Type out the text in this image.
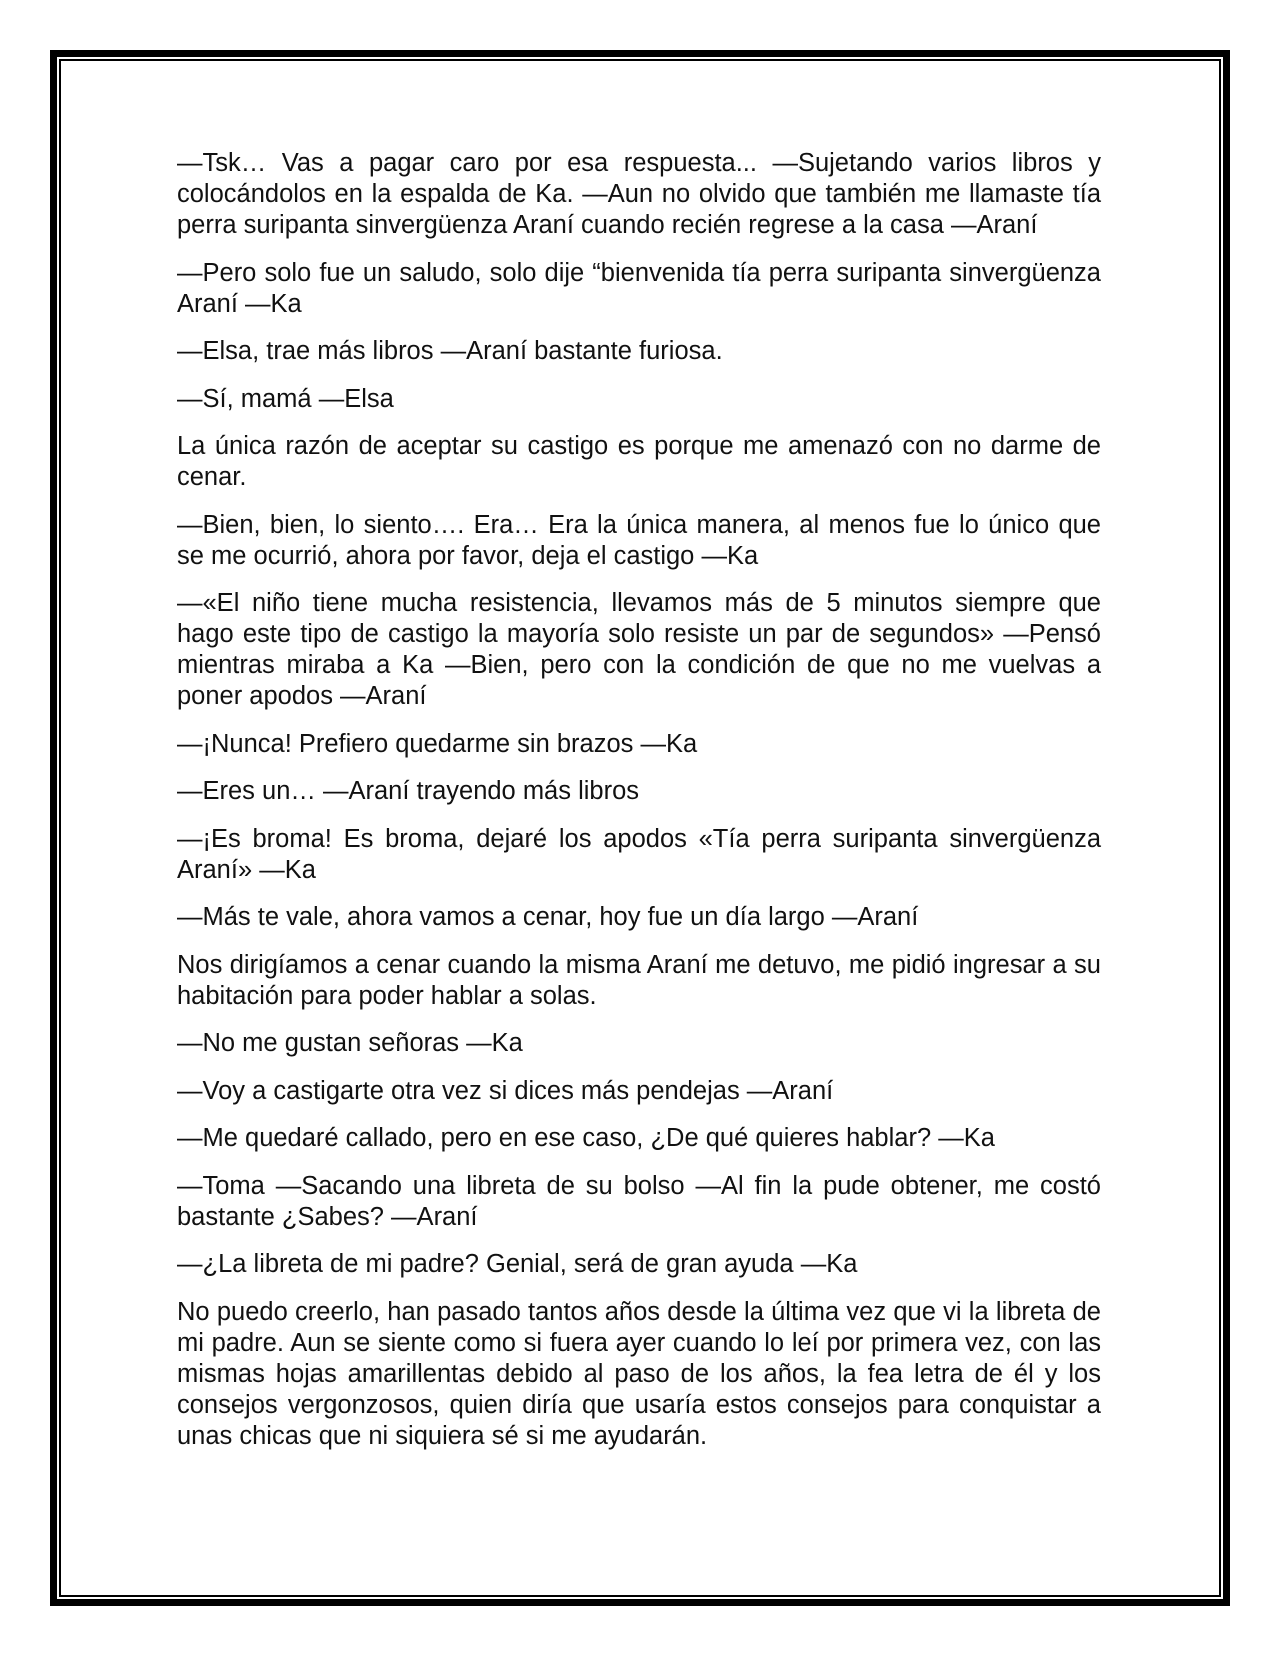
—Tsk… Vas a pagar caro por esa respuesta... —Sujetando varios libros y colocándolos en la espalda de Ka. —Aun no olvido que también me llamaste tía perra suripanta sinvergüenza Araní cuando recién regrese a la casa —Araní

—Pero solo fue un saludo, solo dije “bienvenida tía perra suripanta sinvergüenza Araní —Ka

—Elsa, trae más libros —Araní bastante furiosa.

—Sí, mamá —Elsa

La única razón de aceptar su castigo es porque me amenazó con no darme de cenar.

—Bien, bien, lo siento…. Era… Era la única manera, al menos fue lo único que se me ocurrió, ahora por favor, deja el castigo —Ka

—«El niño tiene mucha resistencia, llevamos más de 5 minutos siempre que hago este tipo de castigo la mayoría solo resiste un par de segundos» —Pensó mientras miraba a Ka —Bien, pero con la condición de que no me vuelvas a poner apodos —Araní

—¡Nunca! Prefiero quedarme sin brazos —Ka

—Eres un… —Araní trayendo más libros

—¡Es broma! Es broma, dejaré los apodos «Tía perra suripanta sinvergüenza Araní» —Ka

—Más te vale, ahora vamos a cenar, hoy fue un día largo —Araní

Nos dirigíamos a cenar cuando la misma Araní me detuvo, me pidió ingresar a su habitación para poder hablar a solas.

—No me gustan señoras —Ka

—Voy a castigarte otra vez si dices más pendejas —Araní

—Me quedaré callado, pero en ese caso, ¿De qué quieres hablar? —Ka

—Toma —Sacando una libreta de su bolso —Al fin la pude obtener, me costó bastante ¿Sabes? —Araní

—¿La libreta de mi padre? Genial, será de gran ayuda —Ka

No puedo creerlo, han pasado tantos años desde la última vez que vi la libreta de mi padre. Aun se siente como si fuera ayer cuando lo leí por primera vez, con las mismas hojas amarillentas debido al paso de los años, la fea letra de él y los consejos vergonzosos, quien diría que usaría estos consejos para conquistar a unas chicas que ni siquiera sé si me ayudarán.
